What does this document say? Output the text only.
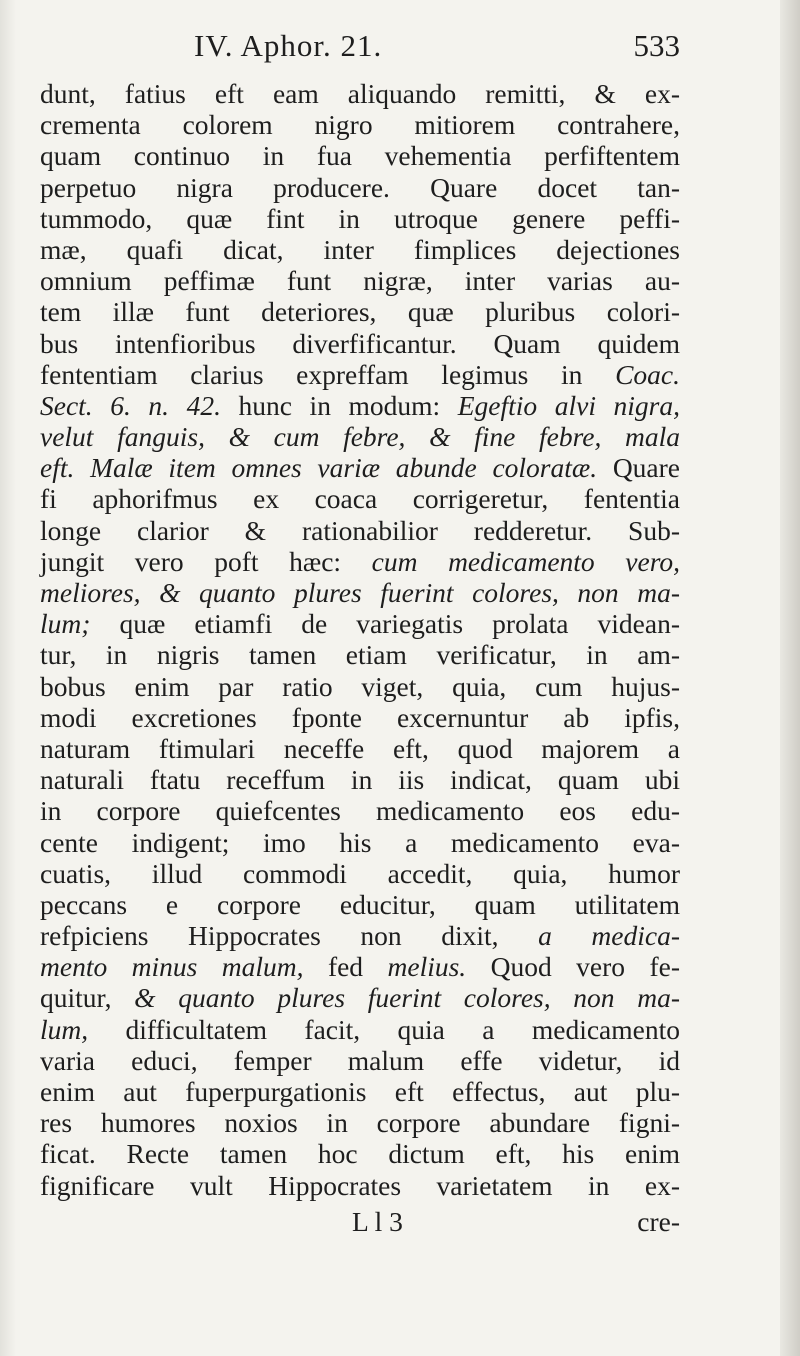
IV. Aphor. 21.	533
dunt, fatius eft eam aliquando remitti, & ex-
crementa colorem nigro mitiorem contrahere,
quam continuo in fua vehementia perfiftentem
perpetuo nigra producere. Quare docet tan-
tummodo, quæ fint in utroque genere peffi-
mæ, quafi dicat, inter fimplices dejectiones
omnium peffimæ funt nigræ, inter varias au-
tem illæ funt deteriores, quæ pluribus colori-
bus intenfioribus diverfificantur. Quam quidem
fententiam clarius expreffam legimus in Coac.
Sect. 6. n. 42. hunc in modum: Egeftio alvi nigra,
velut fanguis, & cum febre, & fine febre, mala
eft. Malæ item omnes variæ abunde coloratæ. Quare
fi aphorifmus ex coaca corrigeretur, fententia
longe clarior & rationabilior redderetur. Sub-
jungit vero poft hæc: cum medicamento vero,
meliores, & quanto plures fuerint colores, non ma-
lum; quæ etiamfi de variegatis prolata videan-
tur, in nigris tamen etiam verificatur, in am-
bobus enim par ratio viget, quia, cum hujus-
modi excretiones fponte excernuntur ab ipfis,
naturam ftimulari neceffe eft, quod majorem a
naturali ftatu receffum in iis indicat, quam ubi
in corpore quiefcentes medicamento eos edu-
cente indigent; imo his a medicamento eva-
cuatis, illud commodi accedit, quia, humor
peccans e corpore educitur, quam utilitatem
refpiciens Hippocrates non dixit, a medica-
mento minus malum, fed melius. Quod vero fe-
quitur, & quanto plures fuerint colores, non ma-
lum, difficultatem facit, quia a medicamento
varia educi, femper malum effe videtur, id
enim aut fuperpurgationis eft effectus, aut plu-
res humores noxios in corpore abundare figni-
ficat. Recte tamen hoc dictum eft, his enim
fignificare vult Hippocrates varietatem in ex-
L l 3	cre-
